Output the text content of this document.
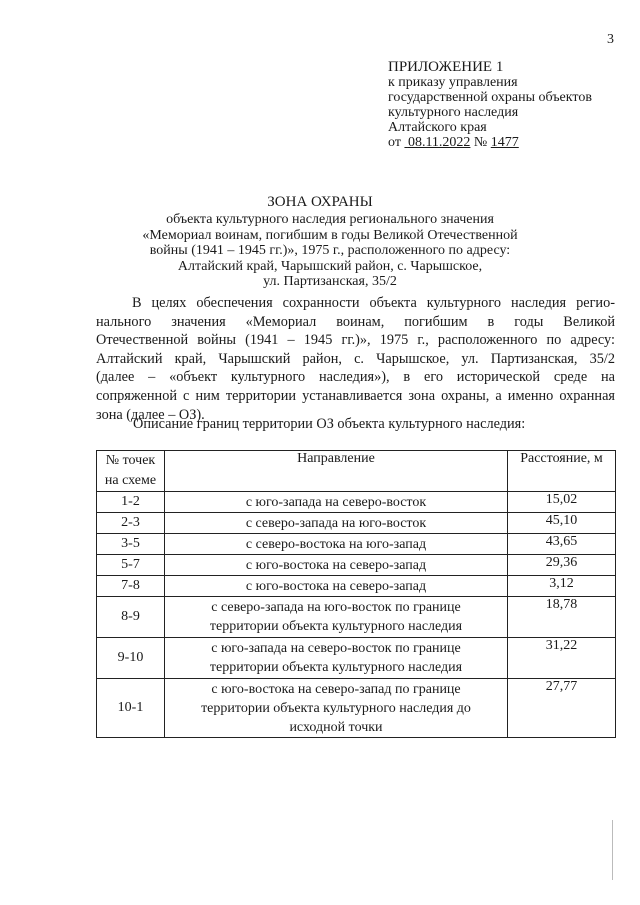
3
ПРИЛОЖЕНИЕ 1
к приказу управления
государственной охраны объектов
культурного наследия
Алтайского края
от 08.11.2022 № 1477
ЗОНА ОХРАНЫ
объекта культурного наследия регионального значения
«Мемориал воинам, погибшим в годы Великой Отечественной
войны (1941 – 1945 гг.)», 1975 г., расположенного по адресу:
Алтайский край, Чарышский район, с. Чарышское,
ул. Партизанская, 35/2
В целях обеспечения сохранности объекта культурного наследия регио-
нального значения «Мемориал воинам, погибшим в годы Великой
Отечественной войны (1941 – 1945 гг.)», 1975 г., расположенного по адресу:
Алтайский край, Чарышский район, с. Чарышское, ул. Партизанская, 35/2
(далее – «объект культурного наследия»), в его исторической среде на
сопряженной с ним территории устанавливается зона охраны, а именно охранная
зона (далее – ОЗ).
Описание границ территории ОЗ объекта культурного наследия:
№ точек
на схеме	Направление	Расстояние, м
1-2	с юго-запада на северо-восток	15,02
2-3	с северо-запада на юго-восток	45,10
3-5	с северо-востока на юго-запад	43,65
5-7	с юго-востока на северо-запад	29,36
7-8	с юго-востока на северо-запад	3,12
8-9	с северо-запада на юго-восток по границе
территории объекта культурного наследия	18,78
9-10	с юго-запада на северо-восток по границе
территории объекта культурного наследия	31,22
10-1	с юго-востока на северо-запад по границе
территории объекта культурного наследия до
исходной точки	27,77
